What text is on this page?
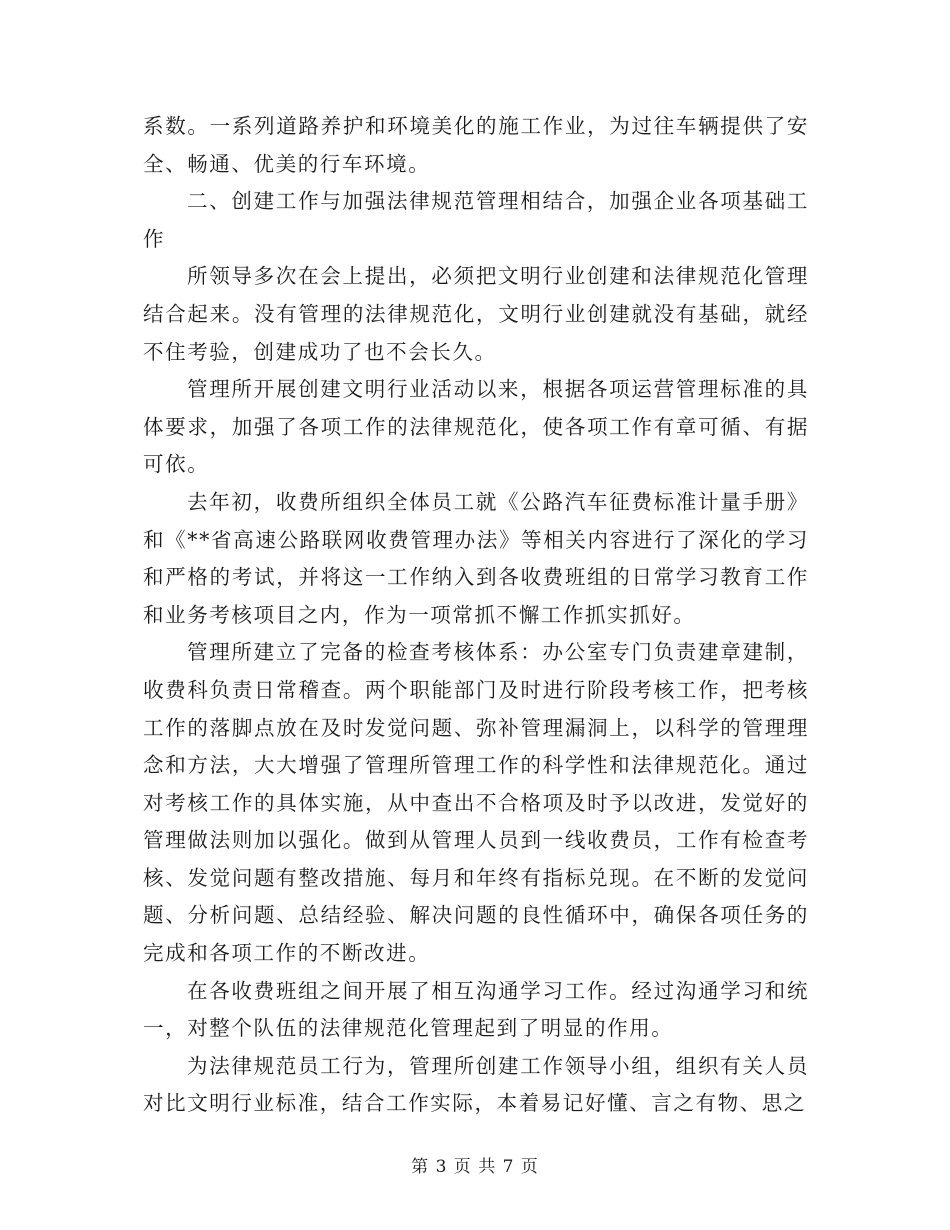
系数。一系列道路养护和环境美化的施工作业，为过往车辆提供了安全、畅通、优美的行车环境。

二、创建工作与加强法律规范管理相结合，加强企业各项基础工作

所领导多次在会上提出，必须把文明行业创建和法律规范化管理结合起来。没有管理的法律规范化，文明行业创建就没有基础，就经不住考验，创建成功了也不会长久。

管理所开展创建文明行业活动以来，根据各项运营管理标准的具体要求，加强了各项工作的法律规范化，使各项工作有章可循、有据可依。

去年初，收费所组织全体员工就《公路汽车征费标准计量手册》和《**省高速公路联网收费管理办法》等相关内容进行了深化的学习和严格的考试，并将这一工作纳入到各收费班组的日常学习教育工作和业务考核项目之内，作为一项常抓不懈工作抓实抓好。

管理所建立了完备的检查考核体系：办公室专门负责建章建制，收费科负责日常稽查。两个职能部门及时进行阶段考核工作，把考核工作的落脚点放在及时发觉问题、弥补管理漏洞上，以科学的管理理念和方法，大大增强了管理所管理工作的科学性和法律规范化。通过对考核工作的具体实施，从中查出不合格项及时予以改进，发觉好的管理做法则加以强化。做到从管理人员到一线收费员，工作有检查考核、发觉问题有整改措施、每月和年终有指标兑现。在不断的发觉问题、分析问题、总结经验、解决问题的良性循环中，确保各项任务的完成和各项工作的不断改进。

在各收费班组之间开展了相互沟通学习工作。经过沟通学习和统一，对整个队伍的法律规范化管理起到了明显的作用。

为法律规范员工行为，管理所创建工作领导小组，组织有关人员对比文明行业标准，结合工作实际，本着易记好懂、言之有物、思之

第 3 页 共 7 页
